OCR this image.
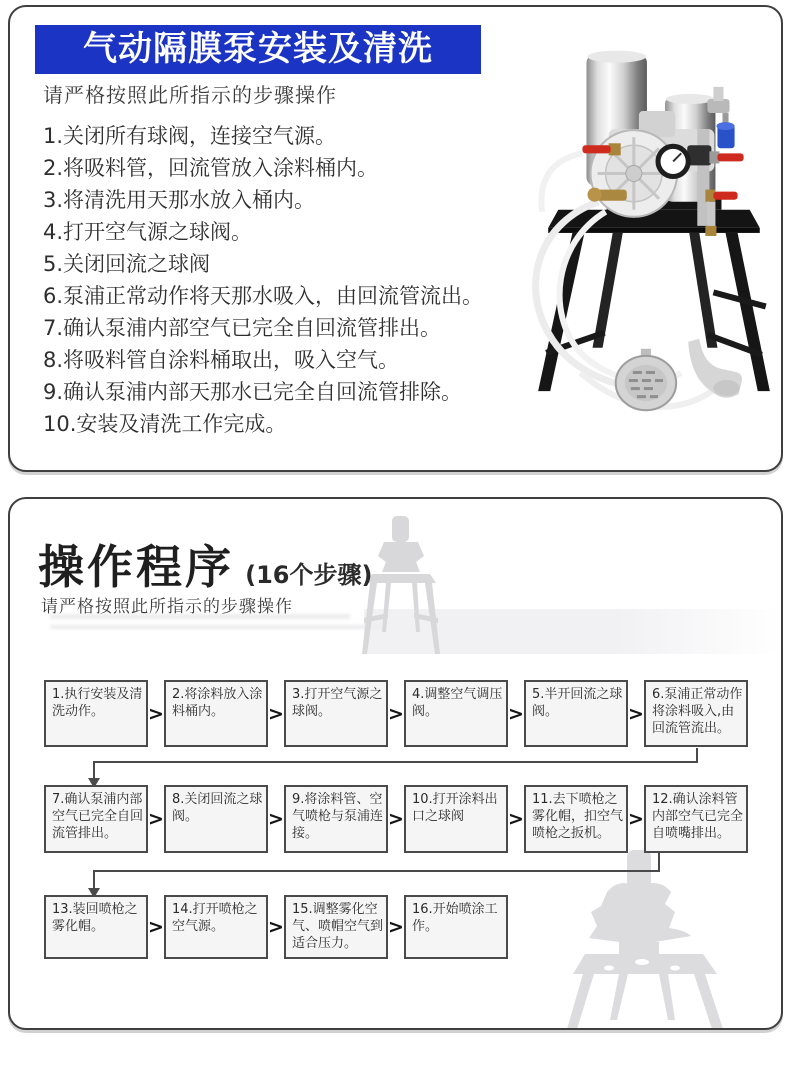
气动隔膜泵安装及清洗
请严格按照此所指示的步骤操作
1.关闭所有球阀，连接空气源。
2.将吸料管，回流管放入涂料桶内。
3.将清洗用天那水放入桶内。
4.打开空气源之球阀。
5.关闭回流之球阀
6.泵浦正常动作将天那水吸入，由回流管流出。
7.确认泵浦内部空气已完全自回流管排出。
8.将吸料管自涂料桶取出，吸入空气。
9.确认泵浦内部天那水已完全自回流管排除。
10.安装及清洗工作完成。
操作程序 (16个步骤)
请严格按照此所指示的步骤操作
1.执行安装及清洗动作。	>
2.将涂料放入涂料桶内。	>
3.打开空气源之球阀。	>
4.调整空气调压阀。	>
5.半开回流之球阀。	>
6.泵浦正常动作将涂料吸入,由回流管流出。
7.确认泵浦内部空气已完全自回流管排出。
>
8.关闭回流之球阀。	>
9.将涂料管、空气喷枪与泵浦连接。
>
10.打开涂料出口之球阀	>
11.去下喷枪之雾化帽，扣空气喷枪之扳机。
>
12.确认涂料管内部空气已完全自喷嘴排出。
13.装回喷枪之雾化帽。	>
14.打开喷枪之空气源。	>
15.调整雾化空气、喷帽空气到适合压力。
>
16.开始喷涂工作。
